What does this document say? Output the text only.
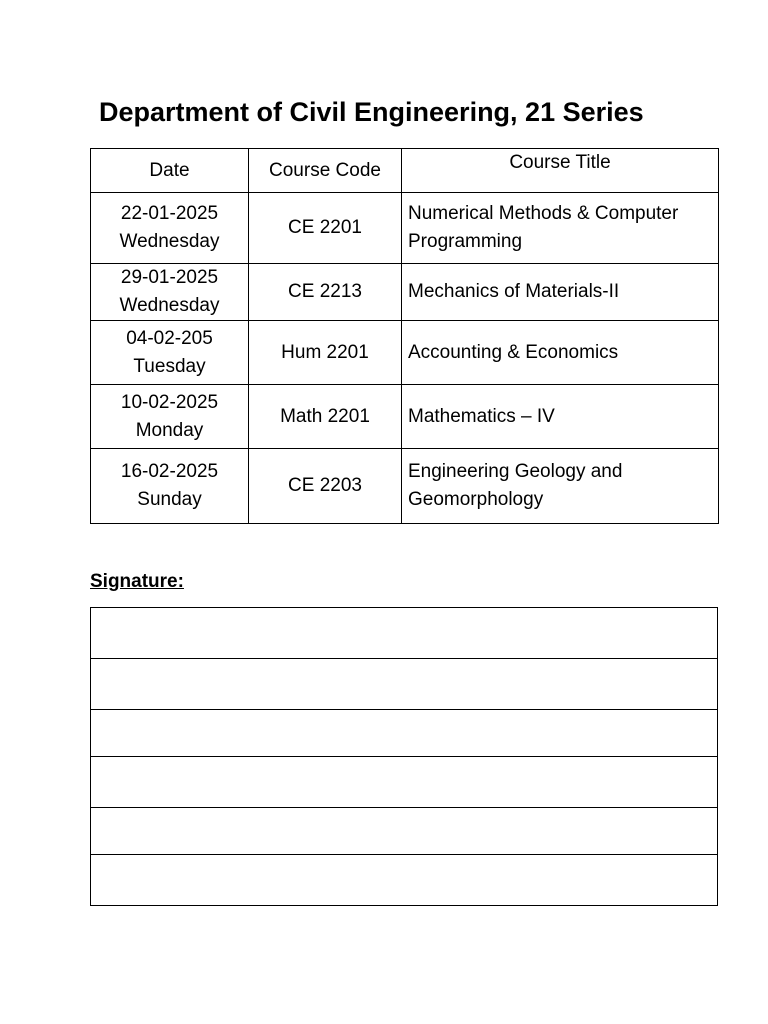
Department of Civil Engineering, 21 Series
Date	Course Code	Course Title

22-01-2025
Wednesday	CE 2201	Numerical Methods & Computer
Programming

29-01-2025
Wednesday	CE 2213	Mechanics of Materials-II

04-02-205
Tuesday	Hum 2201	Accounting & Economics

10-02-2025
Monday	Math 2201	Mathematics – IV

16-02-2025
Sunday	CE 2203	Engineering Geology and
Geomorphology

Signature:
